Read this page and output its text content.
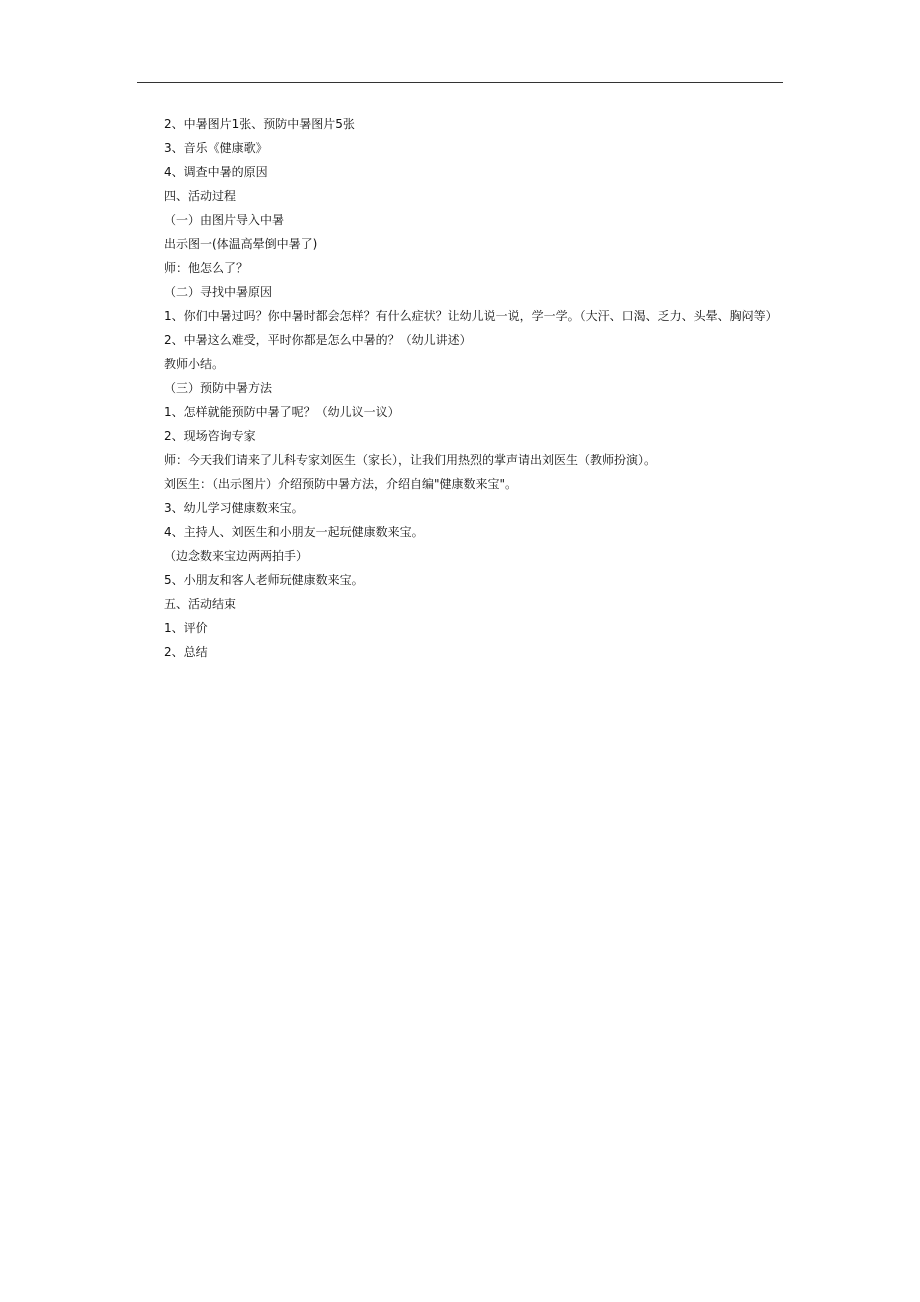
2、中暑图片1张、预防中暑图片5张
3、音乐《健康歌》
4、调查中暑的原因
四、活动过程
（一）由图片导入中暑
出示图一(体温高晕倒中暑了)
师：他怎么了？
（二）寻找中暑原因
1、你们中暑过吗？你中暑时都会怎样？有什么症状？让幼儿说一说，学一学。（大汗、口渴、乏力、头晕、胸闷等）
2、中暑这么难受，平时你都是怎么中暑的？（幼儿讲述）
教师小结。
（三）预防中暑方法
1、怎样就能预防中暑了呢？（幼儿议一议）
2、现场咨询专家
师：今天我们请来了儿科专家刘医生（家长），让我们用热烈的掌声请出刘医生（教师扮演）。
刘医生：（出示图片）介绍预防中暑方法，介绍自编"健康数来宝"。
3、幼儿学习健康数来宝。
4、主持人、刘医生和小朋友一起玩健康数来宝。
（边念数来宝边两两拍手）
5、小朋友和客人老师玩健康数来宝。
五、活动结束
1、评价
2、总结
